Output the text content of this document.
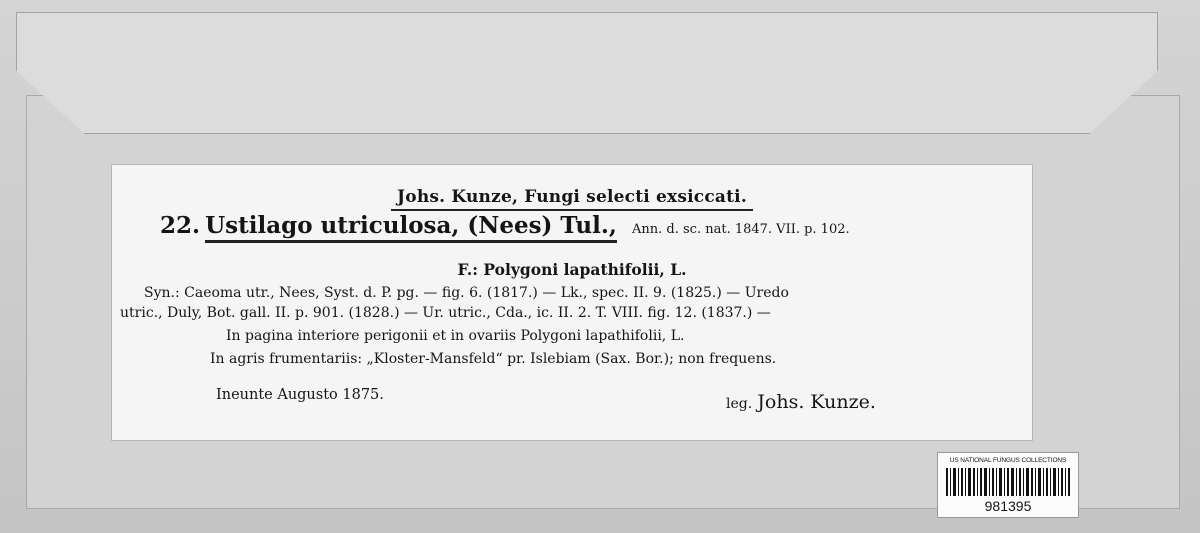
Johs. Kunze, Fungi selecti exsiccati.
22. Ustilago utriculosa, (Nees) Tul., Ann. d. sc. nat. 1847. VII. p. 102.
F.: Polygoni lapathifolii, L.
Syn.: Caeoma utr., Nees, Syst. d. P. pg. — fig. 6. (1817.) — Lk., spec. II. 9. (1825.) — Uredo
utric., Duly, Bot. gall. II. p. 901. (1828.) — Ur. utric., Cda., ic. II. 2. T. VIII. fig. 12. (1837.) —
In pagina interiore perigonii et in ovariis Polygoni lapathifolii, L.
In agris frumentariis: „Kloster-Mansfeld“ pr. Islebiam (Sax. Bor.); non frequens.
Ineunte Augusto 1875.
leg. Johs. Kunze.
US NATIONAL FUNGUS COLLECTIONS
981395
